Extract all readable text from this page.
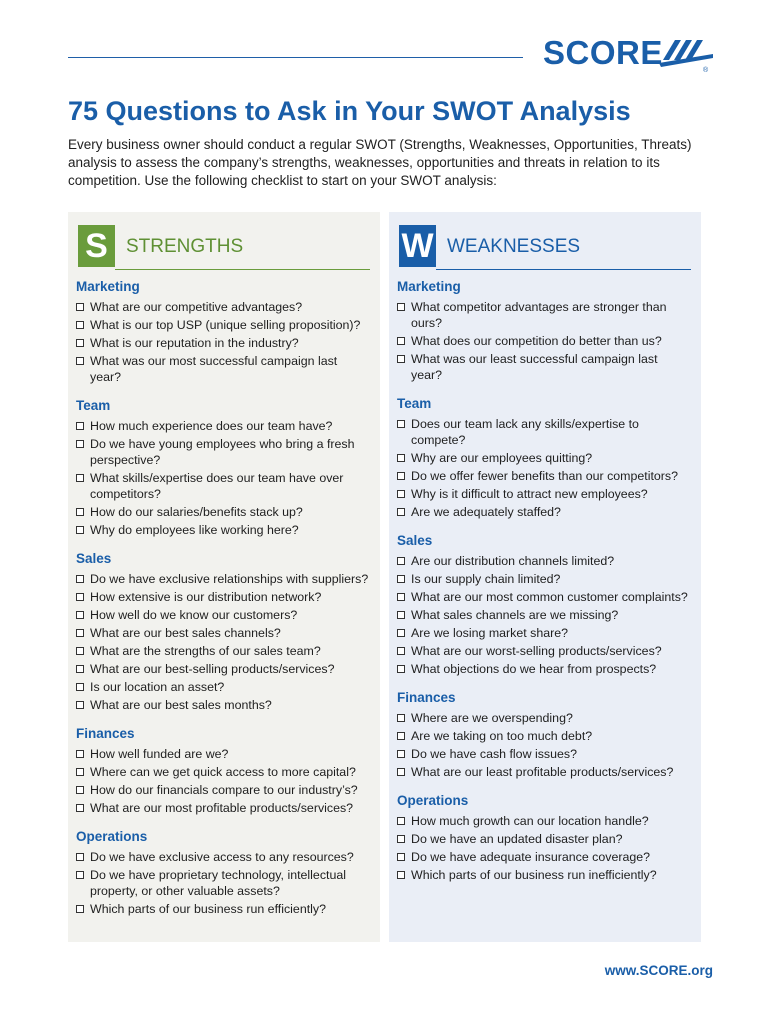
SCORE	®
75 Questions to Ask in Your SWOT Analysis

Every business owner should conduct a regular SWOT (Strengths, Weaknesses, Opportunities, Threats) analysis to assess the company’s strengths, weaknesses, opportunities and threats in relation to its competition. Use the following checklist to start on your SWOT analysis:

S STRENGTHS
Marketing
What are our competitive advantages?
What is our top USP (unique selling proposition)?
What is our reputation in the industry?
What was our most successful campaign last year?
Team
How much experience does our team have?
Do we have young employees who bring a fresh perspective?
What skills/expertise does our team have over competitors?
How do our salaries/benefits stack up?
Why do employees like working here?
Sales
Do we have exclusive relationships with suppliers?
How extensive is our distribution network?
How well do we know our customers?
What are our best sales channels?
What are the strengths of our sales team?
What are our best-selling products/services?
Is our location an asset?
What are our best sales months?
Finances
How well funded are we?
Where can we get quick access to more capital?
How do our financials compare to our industry’s?
What are our most profitable products/services?
Operations
Do we have exclusive access to any resources?
Do we have proprietary technology, intellectual property, or other valuable assets?
Which parts of our business run efficiently?
W WEAKNESSES
Marketing
What competitor advantages are stronger than ours?
What does our competition do better than us?
What was our least successful campaign last year?
Team
Does our team lack any skills/expertise to compete?
Why are our employees quitting?
Do we offer fewer benefits than our competitors?
Why is it difficult to attract new employees?
Are we adequately staffed?
Sales
Are our distribution channels limited?
Is our supply chain limited?
What are our most common customer complaints?
What sales channels are we missing?
Are we losing market share?
What are our worst-selling products/services?
What objections do we hear from prospects?
Finances
Where are we overspending?
Are we taking on too much debt?
Do we have cash flow issues?
What are our least profitable products/services?
Operations
How much growth can our location handle?
Do we have an updated disaster plan?
Do we have adequate insurance coverage?
Which parts of our business run inefficiently?
www.SCORE.org
